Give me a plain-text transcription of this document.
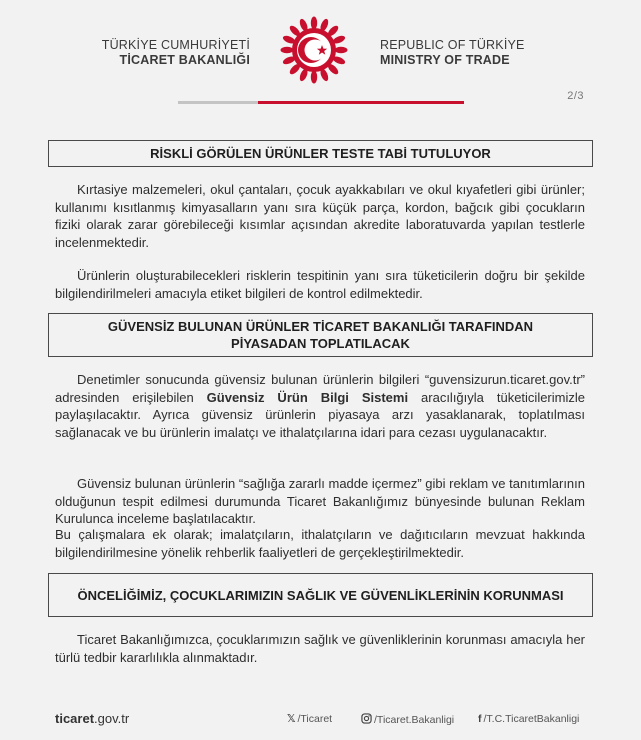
TÜRKİYE CUMHURİYETİ
TİCARET BAKANLIĞI
REPUBLIC OF TÜRKİYE
MINISTRY OF TRADE
2/3
RİSKLİ GÖRÜLEN ÜRÜNLER TESTE TABİ TUTULUYOR

Kırtasiye malzemeleri, okul çantaları, çocuk ayakkabıları ve okul kıyafetleri gibi ürünler; kullanımı kısıtlanmış kimyasalların yanı sıra küçük parça, kordon, bağcık gibi çocukların fiziki olarak zarar görebileceği kısımlar açısından akredite laboratuvarda yapılan testlerle incelenmektedir.

Ürünlerin oluşturabilecekleri risklerin tespitinin yanı sıra tüketicilerin doğru bir şekilde bilgilendirilmeleri amacıyla etiket bilgileri de kontrol edilmektedir.

GÜVENSİZ BULUNAN ÜRÜNLER TİCARET BAKANLIĞI TARAFINDAN PİYASADAN TOPLATILACAK

Denetimler sonucunda güvensiz bulunan ürünlerin bilgileri “guvensizurun.ticaret.gov.tr” adresinden erişilebilen Güvensiz Ürün Bilgi Sistemi aracılığıyla tüketicilerimizle paylaşılacaktır. Ayrıca güvensiz ürünlerin piyasaya arzı yasaklanarak, toplatılması sağlanacak ve bu ürünlerin imalatçı ve ithalatçılarına idari para cezası uygulanacaktır.

Güvensiz bulunan ürünlerin “sağlığa zararlı madde içermez” gibi reklam ve tanıtımlarının olduğunun tespit edilmesi durumunda Ticaret Bakanlığımız bünyesinde bulunan Reklam Kurulunca inceleme başlatılacaktır.

Bu çalışmalara ek olarak; imalatçıların, ithalatçıların ve dağıtıcıların mevzuat hakkında bilgilendirilmesine yönelik rehberlik faaliyetleri de gerçekleştirilmektedir.

ÖNCELİĞİMİZ, ÇOCUKLARIMIZIN SAĞLIK VE GÜVENLİKLERİNİN KORUNMASI

Ticaret Bakanlığımızca, çocuklarımızın sağlık ve güvenliklerinin korunması amacıyla her türlü tedbir kararlılıkla alınmaktadır.

ticaret.gov.tr	𝕏 /Ticaret	/Ticaret.Bakanligi f /T.C.TicaretBakanligi
